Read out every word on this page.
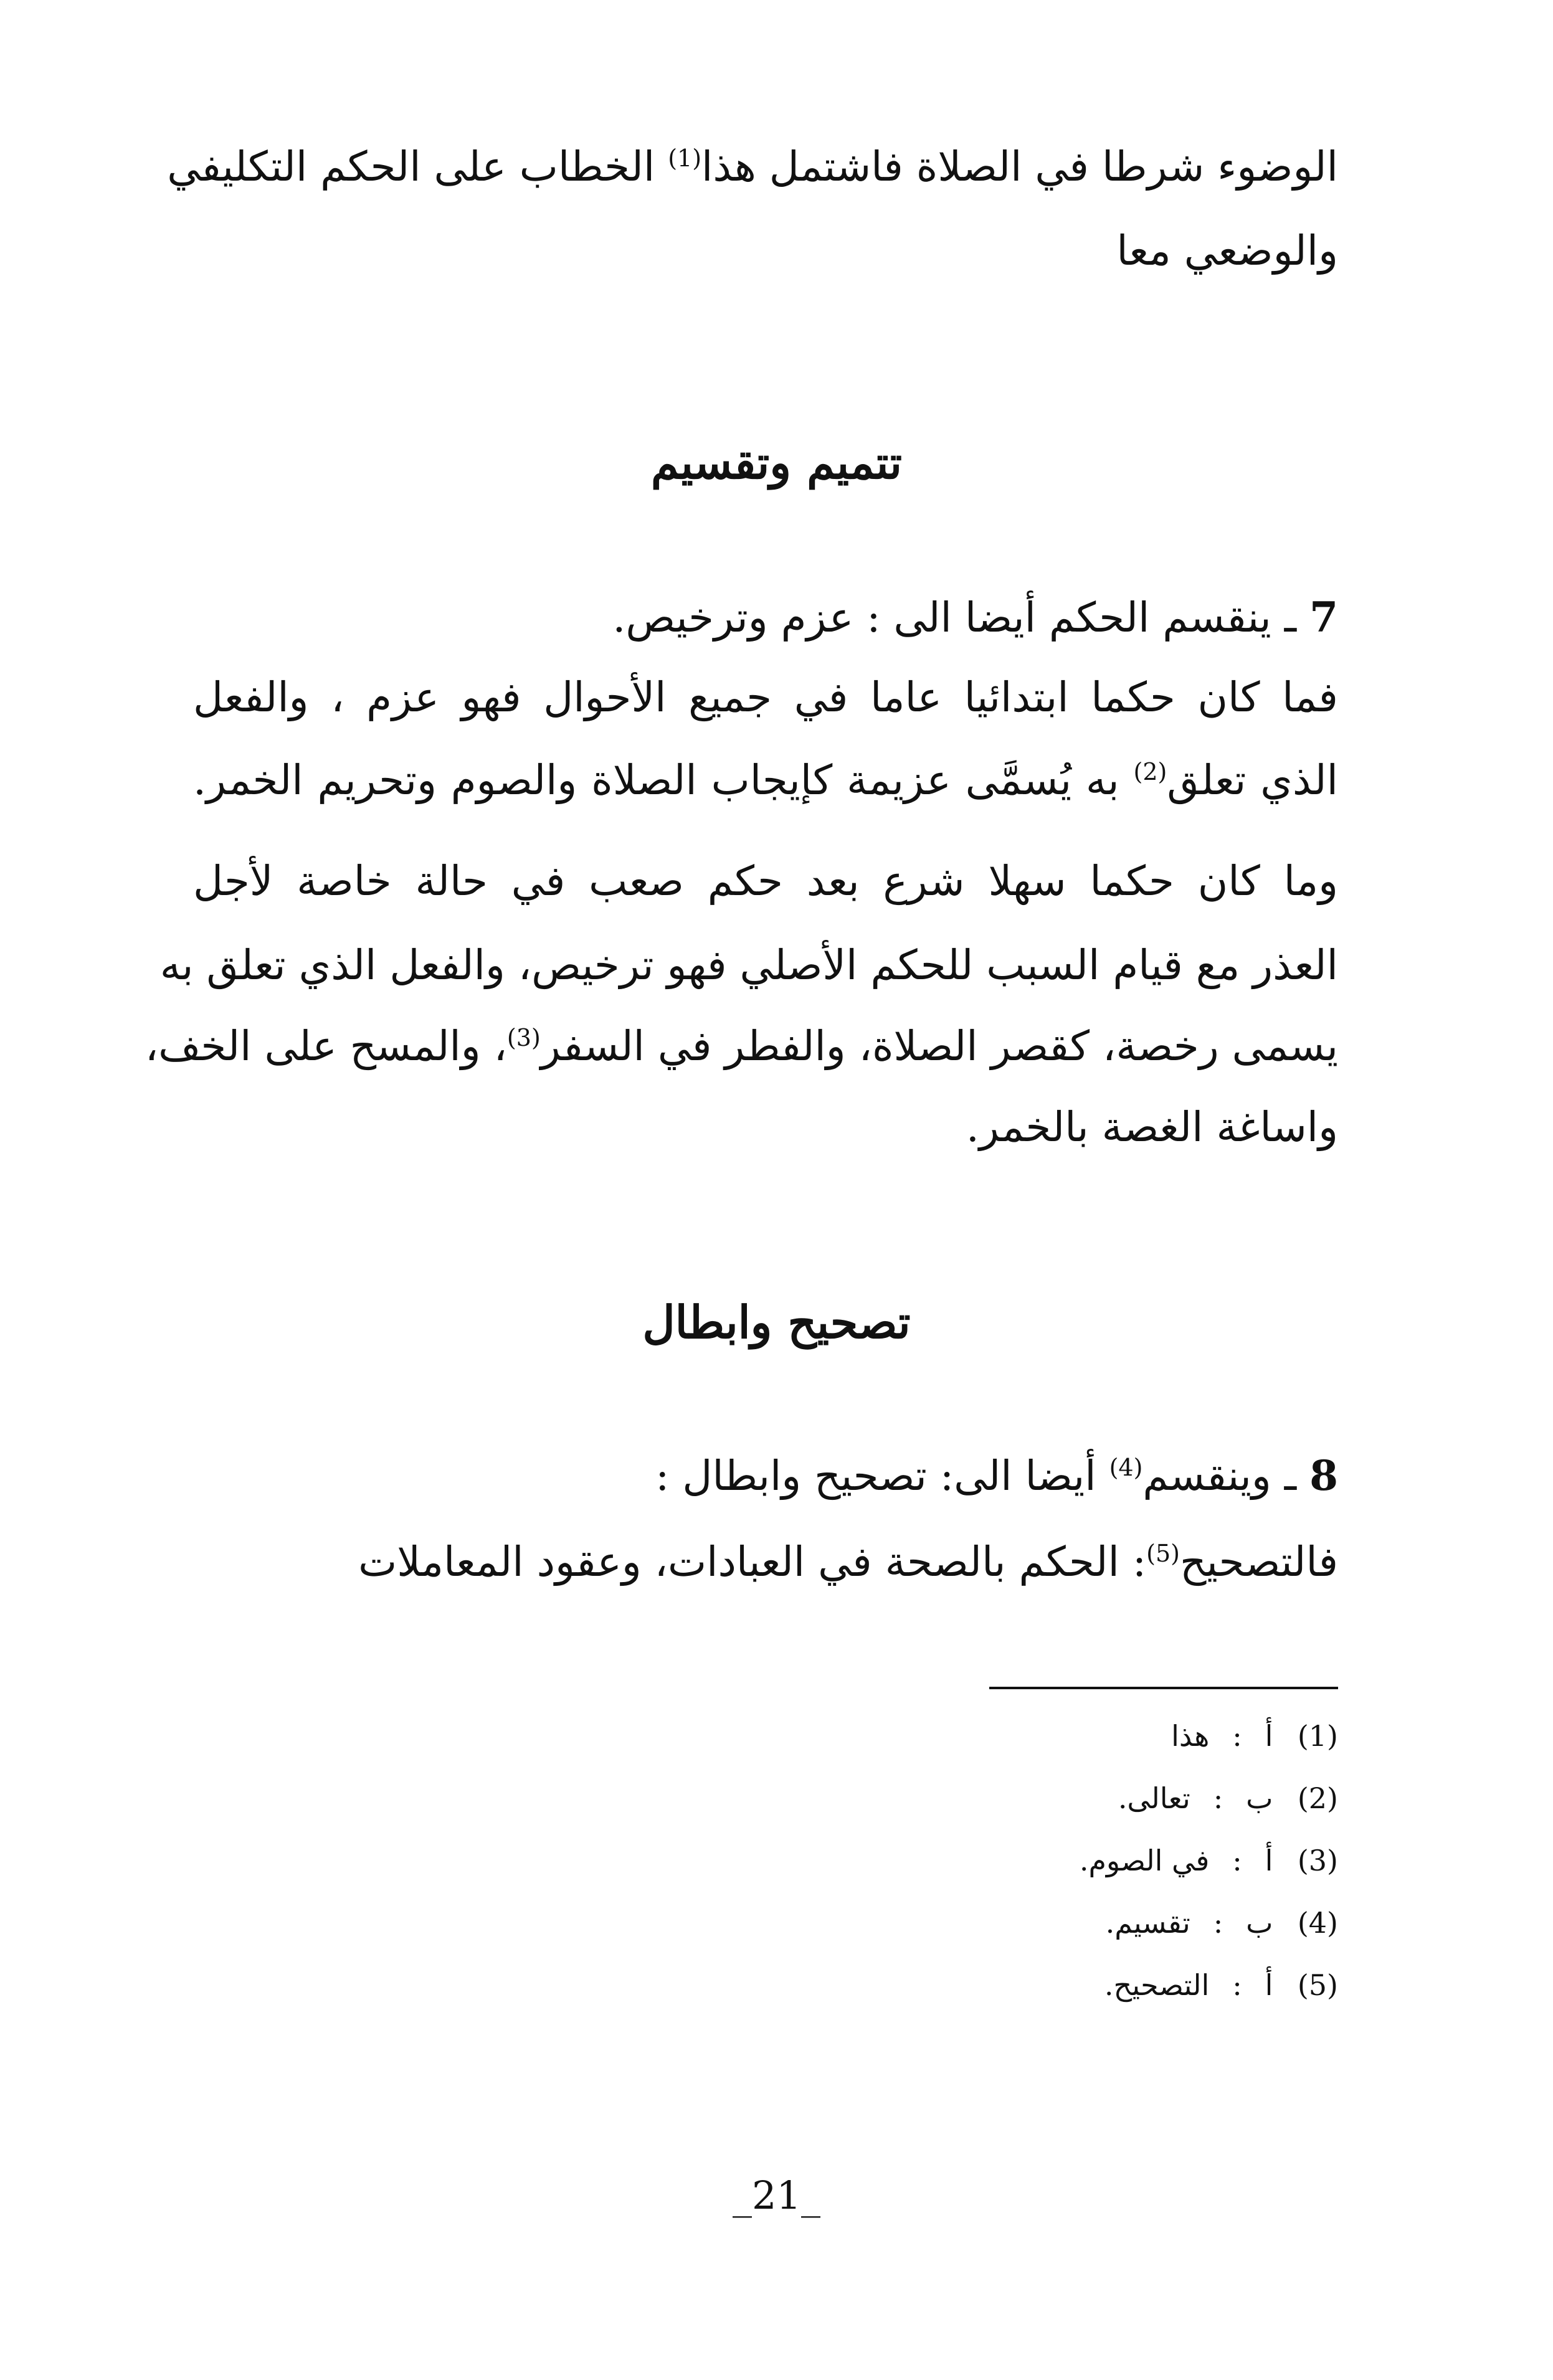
الوضوء شرطا في الصلاة فاشتمل هذا$^{(1)}$ الخطاب على الحكم التكليفي
والوضعي معا
تتميم وتقسيم
7 ـ ينقسم الحكم أيضا الى : عزم وترخيص.
فما كان حكما ابتدائيا عاما في جميع الأحوال فهو عزم ، والفعل
الذي تعلق$^{(2)}$ به يُسمَّى عزيمة كإيجاب الصلاة والصوم وتحريم الخمر.
وما كان حكما سهلا شرع بعد حكم صعب في حالة خاصة لأجل
العذر مع قيام السبب للحكم الأصلي فهو ترخيص، والفعل الذي تعلق به
يسمى رخصة، كقصر الصلاة، والفطر في السفر$^{(3)}$، والمسح على الخف،
واساغة الغصة بالخمر.
تصحيح وابطال
8 ـ وينقسم$^{(4)}$ أيضا الى: تصحيح وابطال :
فالتصحيح$^{(5)}$: الحكم بالصحة في العبادات، وعقود المعاملات
(1) أ : هذا
(2) ب : تعالى.
(3) أ : في الصوم.
(4) ب : تقسيم.
(5) أ : التصحيح.
_21_
